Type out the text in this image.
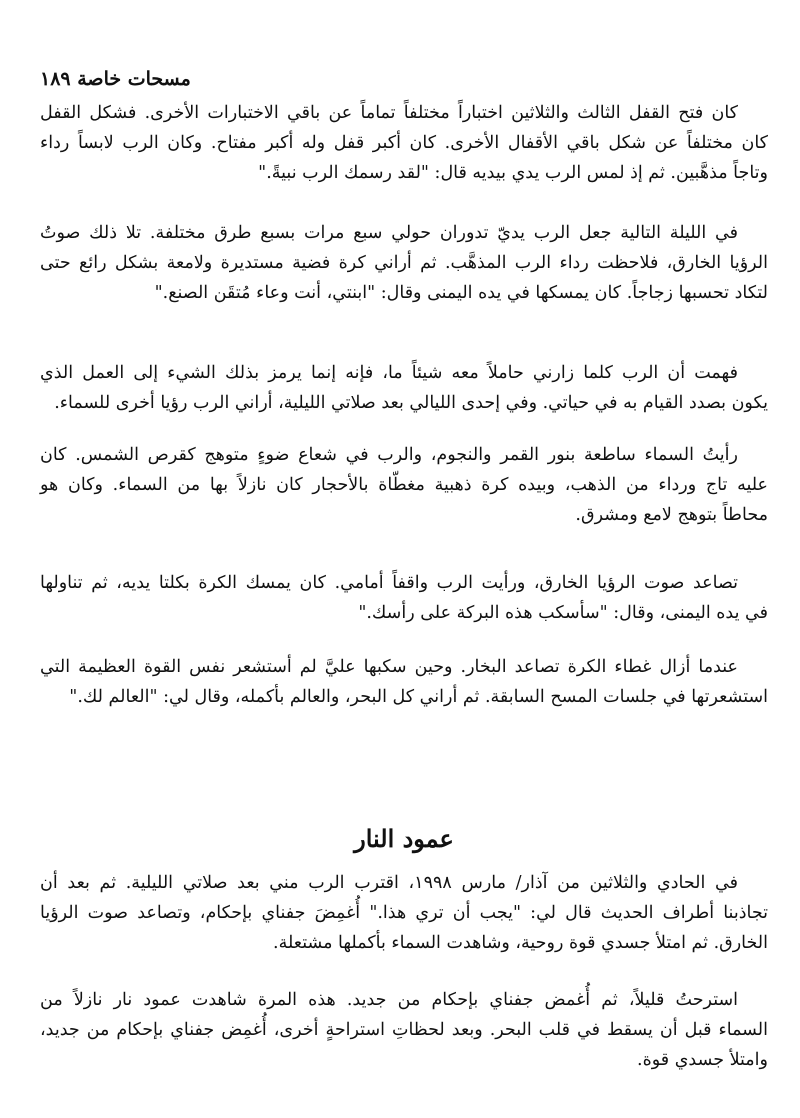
مسحات خاصة ١٨٩
كان فتح القفل الثالث والثلاثين اختباراً مختلفاً تماماً عن باقي الاختبارات الأخرى. فشكل القفل
كان مختلفاً عن شكل باقي الأقفال الأخرى. كان أكبر قفل وله أكبر مفتاح. وكان الرب لابساً رداء
وتاجاً مذهَّبين. ثم إذ لمس الرب يدي بيديه قال: "لقد رسمك الرب نبيةً."
في الليلة التالية جعل الرب يديّ تدوران حولي سبع مرات بسبع طرق مختلفة. تلا ذلك صوتُ
الرؤيا الخارق، فلاحظت رداء الرب المذهَّب. ثم أراني كرة فضية مستديرة ولامعة بشكل رائع حتى
لتكاد تحسبها زجاجاً. كان يمسكها في يده اليمنى وقال: "ابنتي، أنت وعاء مُتقَن الصنع."
فهمت أن الرب كلما زارني حاملاً معه شيئاً ما، فإنه إنما يرمز بذلك الشيء إلى العمل الذي
يكون بصدد القيام به في حياتي. وفي إحدى الليالي بعد صلاتي الليلية، أراني الرب رؤيا أخرى للسماء.
رأيتُ السماء ساطعة بنور القمر والنجوم، والرب في شعاع ضوءٍ متوهج كقرص الشمس. كان
عليه تاج ورداء من الذهب، وبيده كرة ذهبية مغطّاة بالأحجار كان نازلاً بها من السماء. وكان هو
محاطاً بتوهج لامع ومشرق.
تصاعد صوت الرؤيا الخارق، ورأيت الرب واقفاً أمامي. كان يمسك الكرة بكلتا يديه، ثم تناولها
في يده اليمنى، وقال: "سأسكب هذه البركة على رأسك."
عندما أزال غطاء الكرة تصاعد البخار. وحين سكبها عليَّ لم أستشعر نفس القوة العظيمة التي
استشعرتها في جلسات المسح السابقة. ثم أراني كل البحر، والعالم بأكمله، وقال لي: "العالم لك."
عمود النار
في الحادي والثلاثين من آذار/ مارس ١٩٩٨، اقترب الرب مني بعد صلاتي الليلية. ثم بعد أن
تجاذبنا أطراف الحديث قال لي: "يجب أن تري هذا." أُغمِضَ جفناي بإحكام، وتصاعد صوت الرؤيا
الخارق. ثم امتلأ جسدي قوة روحية، وشاهدت السماء بأكملها مشتعلة.
استرحتُ قليلاً، ثم أُغمض جفناي بإحكام من جديد. هذه المرة شاهدت عمود نار نازلاً من
السماء قبل أن يسقط في قلب البحر. وبعد لحظاتِ استراحةٍ أخرى، أُغمِض جفناي بإحكام من جديد،
وامتلأ جسدي قوة.
